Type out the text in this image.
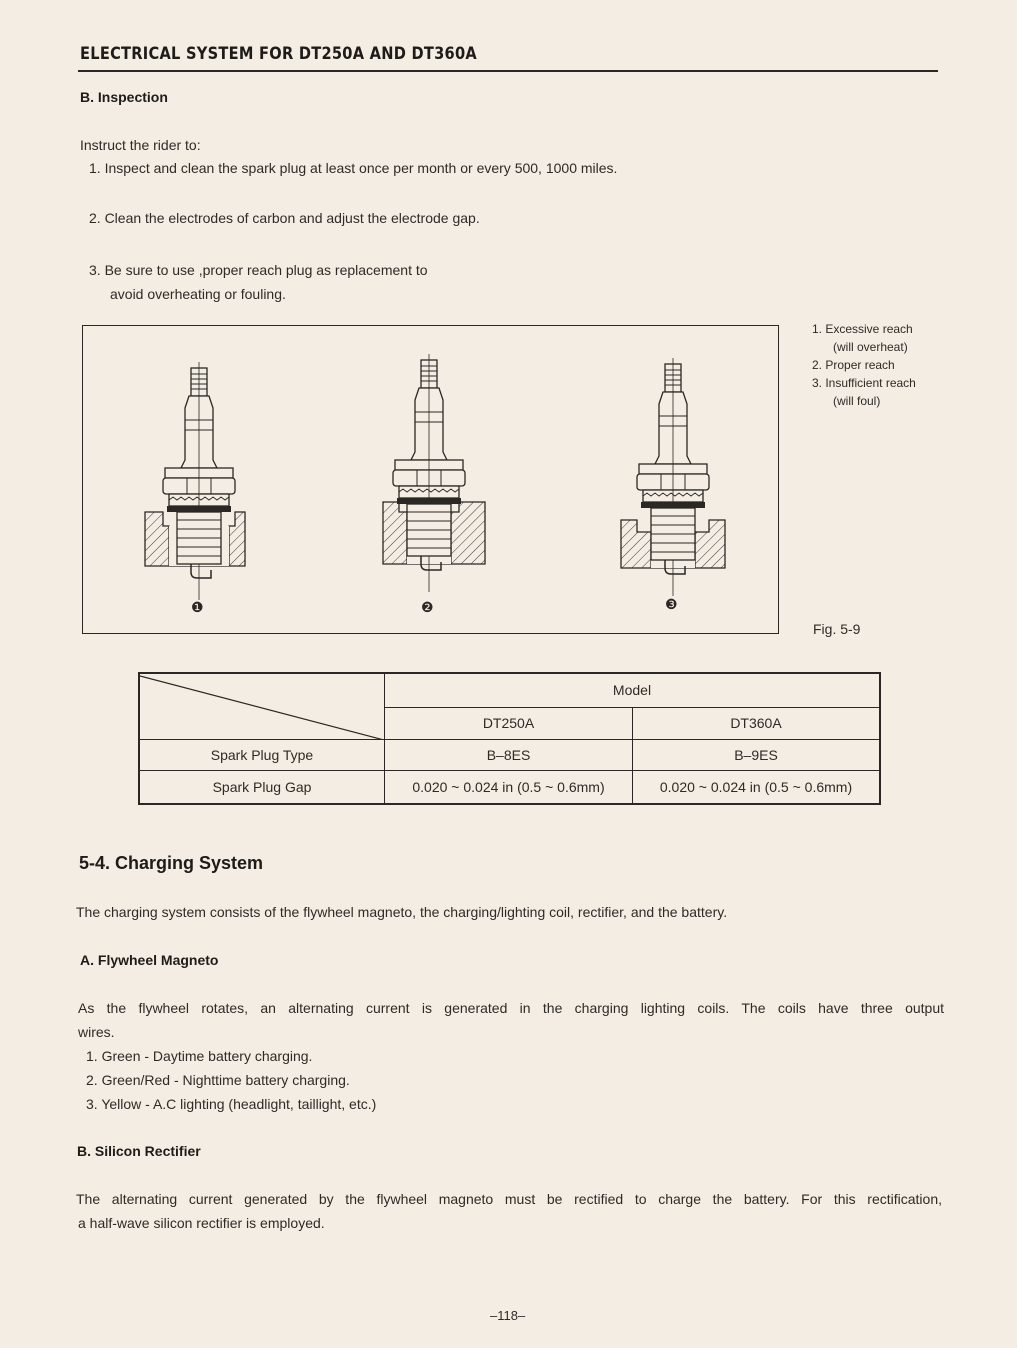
ELECTRICAL SYSTEM FOR DT250A AND DT360A
B. Inspection
Instruct the rider to:
1. Inspect and clean the spark plug at least once per month or every 500, 1000 miles.
2. Clean the electrodes of carbon and adjust the electrode gap.
3. Be sure to use ,proper reach plug as replacement to
avoid overheating or fouling.
❶	❷	❸
1. Excessive reach
(will overheat)
2. Proper reach
3. Insufficient reach
(will foul)
Fig. 5-9
	Model	
	DT250A	DT360A
Spark Plug Type	B–8ES	B–9ES
Spark Plug Gap	0.020 ~ 0.024 in (0.5 ~ 0.6mm)	0.020 ~ 0.024 in (0.5 ~ 0.6mm)
5-4. Charging System
The charging system consists of the flywheel magneto, the charging/lighting coil, rectifier, and the battery.
A. Flywheel Magneto
As the flywheel rotates, an alternating current is generated in the charging lighting coils. The coils have three output
wires.
1. Green - Daytime battery charging.
2. Green/Red - Nighttime battery charging.
3. Yellow - A.C lighting (headlight, taillight, etc.)
B. Silicon Rectifier
The alternating current generated by the flywheel magneto must be rectified to charge the battery. For this rectification,
a half-wave silicon rectifier is employed.
–118–
